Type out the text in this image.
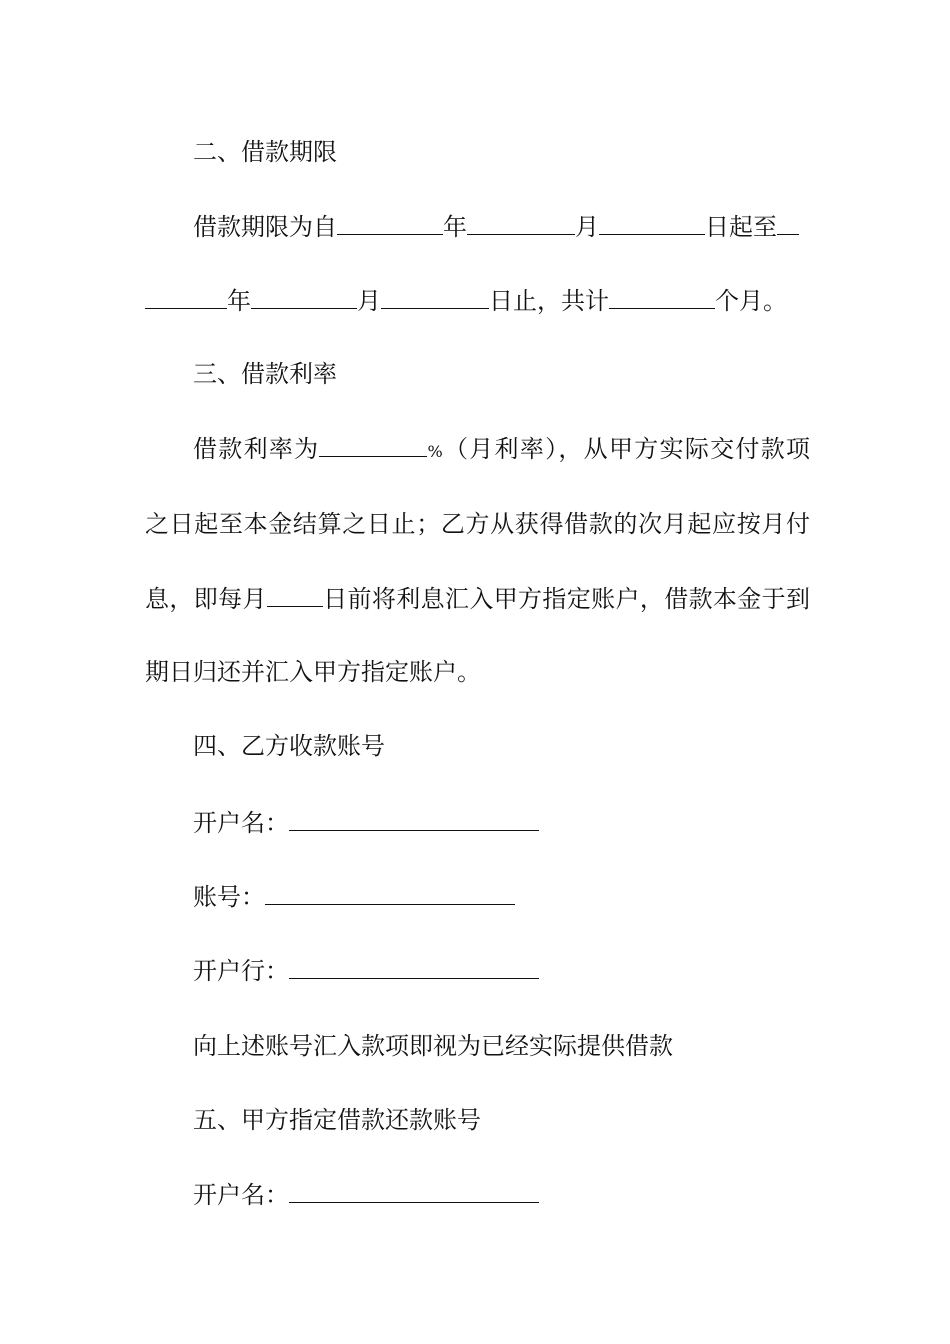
二、借款期限
借款期限为自	年	月	日起至
年	月	日止，共计	个月。
三、借款利率
借款利率为	%（月利率），从甲方实际交付款项
之日起至本金结算之日止；乙方从获得借款的次月起应按月付
息，即每月 日前将利息汇入甲方指定账户，借款本金于到
期日归还并汇入甲方指定账户。
四、乙方收款账号
开户名：
账号：
开户行：
向上述账号汇入款项即视为已经实际提供借款
五、甲方指定借款还款账号
开户名：
